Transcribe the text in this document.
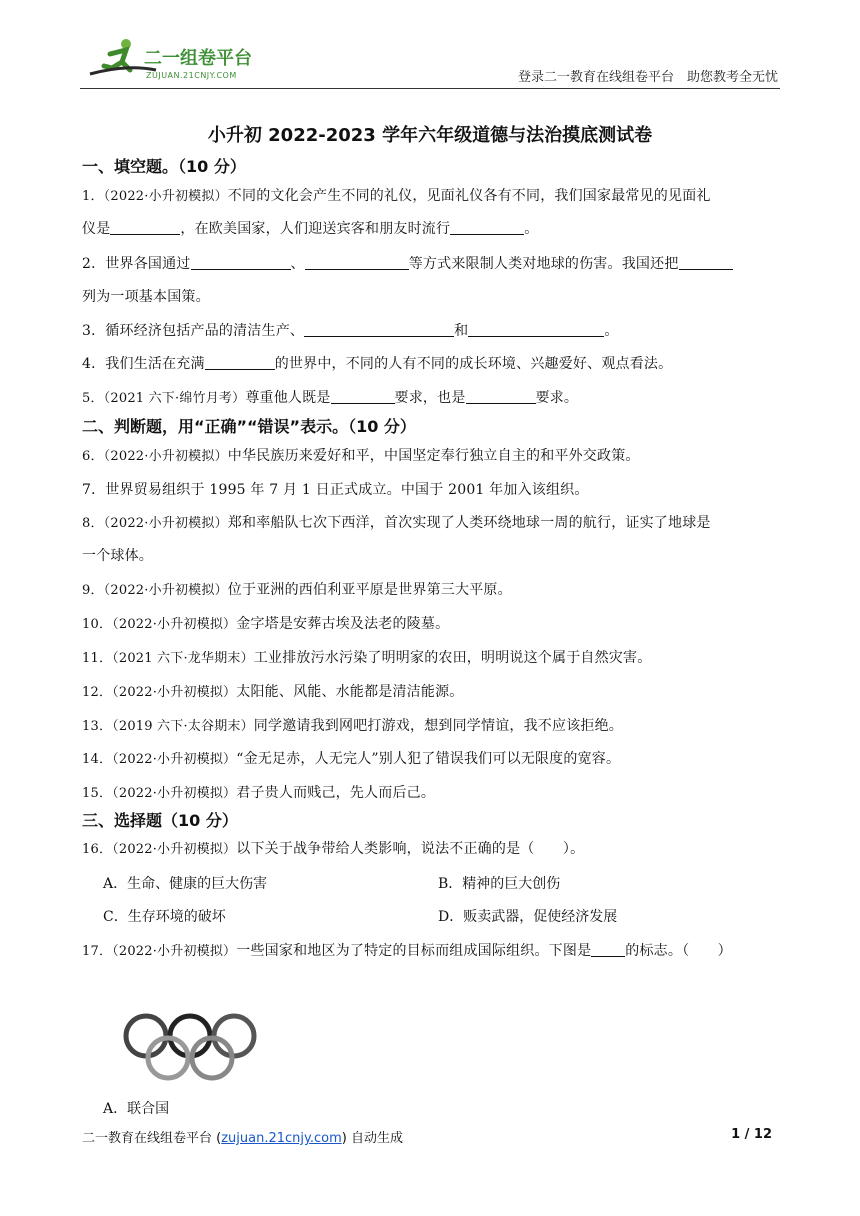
二一组卷平台
ZUJUAN.21CNJY.COM	登录二一教育在线组卷平台　助您教考全无忧
小升初 2022-2023 学年六年级道德与法治摸底测试卷
一、填空题。（10 分）
1．（2022·小升初模拟）不同的文化会产生不同的礼仪，见面礼仪各有不同，我们国家最常见的见面礼
仪是	，在欧美国家，人们迎送宾客和朋友时流行	。
2．世界各国通过	、	等方式来限制人类对地球的伤害。我国还把
列为一项基本国策。
3．循环经济包括产品的清洁生产、	和	。
4．我们生活在充满	的世界中，不同的人有不同的成长环境、兴趣爱好、观点看法。
5．（2021 六下·绵竹月考）尊重他人既是	要求，也是	要求。
二、判断题，用“正确”“错误”表示。（10 分）
6．（2022·小升初模拟）中华民族历来爱好和平，中国坚定奉行独立自主的和平外交政策。
7．世界贸易组织于 1995 年 7 月 1 日正式成立。中国于 2001 年加入该组织。
8．（2022·小升初模拟）郑和率船队七次下西洋，首次实现了人类环绕地球一周的航行，证实了地球是
一个球体。
9．（2022·小升初模拟）位于亚洲的西伯利亚平原是世界第三大平原。
10．（2022·小升初模拟）金字塔是安葬古埃及法老的陵墓。
11．（2021 六下·龙华期末）工业排放污水污染了明明家的农田，明明说这个属于自然灾害。
12．（2022·小升初模拟）太阳能、风能、水能都是清洁能源。
13．（2019 六下·太谷期末）同学邀请我到网吧打游戏，想到同学情谊，我不应该拒绝。
14．（2022·小升初模拟）“金无足赤，人无完人”别人犯了错误我们可以无限度的宽容。
15．（2022·小升初模拟）君子贵人而贱己，先人而后己。
三、选择题（10 分）
16．（2022·小升初模拟）以下关于战争带给人类影响，说法不正确的是（　　）。
A．生命、健康的巨大伤害	B．精神的巨大创伤
C．生存环境的破坏	D．贩卖武器，促使经济发展
17．（2022·小升初模拟）一些国家和地区为了特定的目标而组成国际组织。下图是 的标志。（　　）
A．联合国
二一教育在线组卷平台 (zujuan.21cnjy.com) 自动生成	1 / 12
